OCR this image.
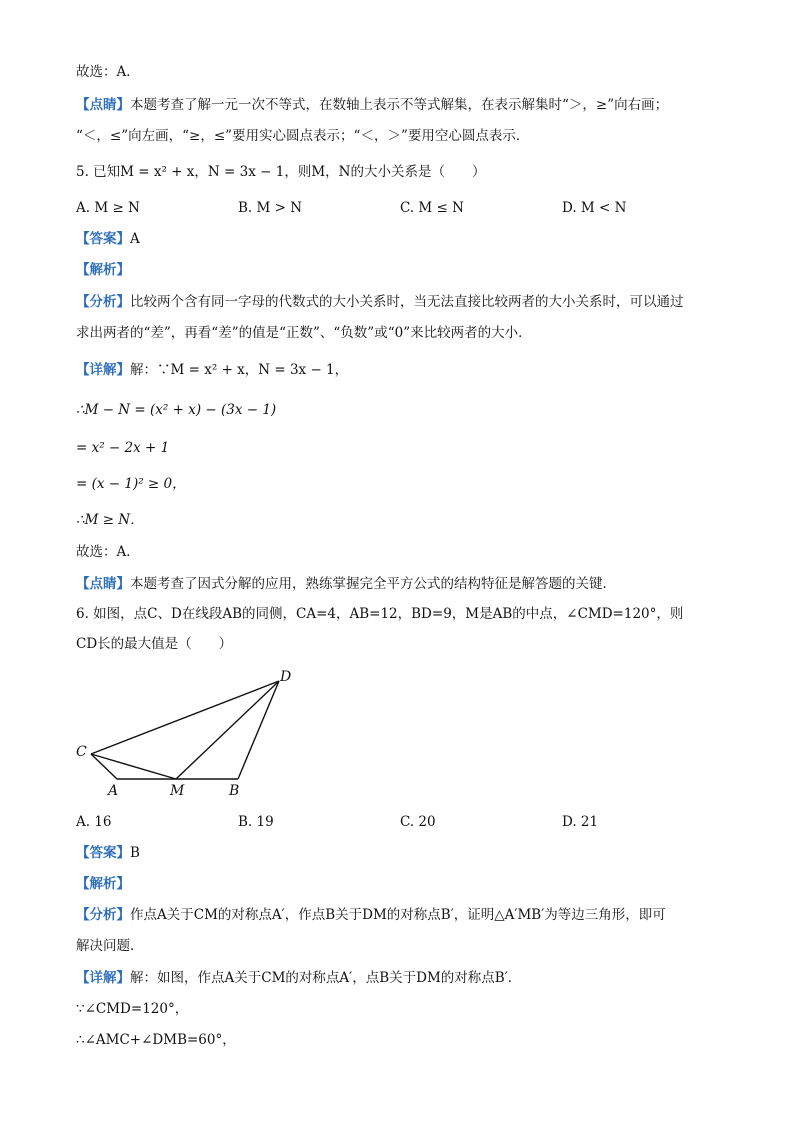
故选：A．
【点睛】本题考查了解一元一次不等式，在数轴上表示不等式解集，在表示解集时“＞，≥”向右画；
“＜，≤”向左画，“≥，≤”要用实心圆点表示；“＜，＞”要用空心圆点表示．
5. 已知M = x² + x，N = 3x − 1，则M，N的大小关系是（　　）
A. M ≥ N	B. M > N	C. M ≤ N	D. M < N
【答案】A
【解析】
【分析】比较两个含有同一字母的代数式的大小关系时，当无法直接比较两者的大小关系时，可以通过
求出两者的“差”，再看“差”的值是“正数”、“负数”或“0”来比较两者的大小．
【详解】解：∵M = x² + x，N = 3x − 1，
∴M − N = (x² + x) − (3x − 1)
= x² − 2x + 1
= (x − 1)² ≥ 0，
∴M ≥ N．
故选：A．
【点睛】本题考查了因式分解的应用，熟练掌握完全平方公式的结构特征是解答题的关键．
6. 如图，点C、D在线段AB的同侧，CA=4，AB=12，BD=9，M是AB的中点，∠CMD=120°，则
CD长的最大值是（　　）
C
A	M	B
D
A. 16	B. 19	C. 20	D. 21
【答案】B
【解析】
【分析】作点A关于CM的对称点A′，作点B关于DM的对称点B′，证明△A′MB′为等边三角形，即可
解决问题．
【详解】解：如图，作点A关于CM的对称点A′，点B关于DM的对称点B′．
∵∠CMD=120°，
∴∠AMC+∠DMB=60°，
